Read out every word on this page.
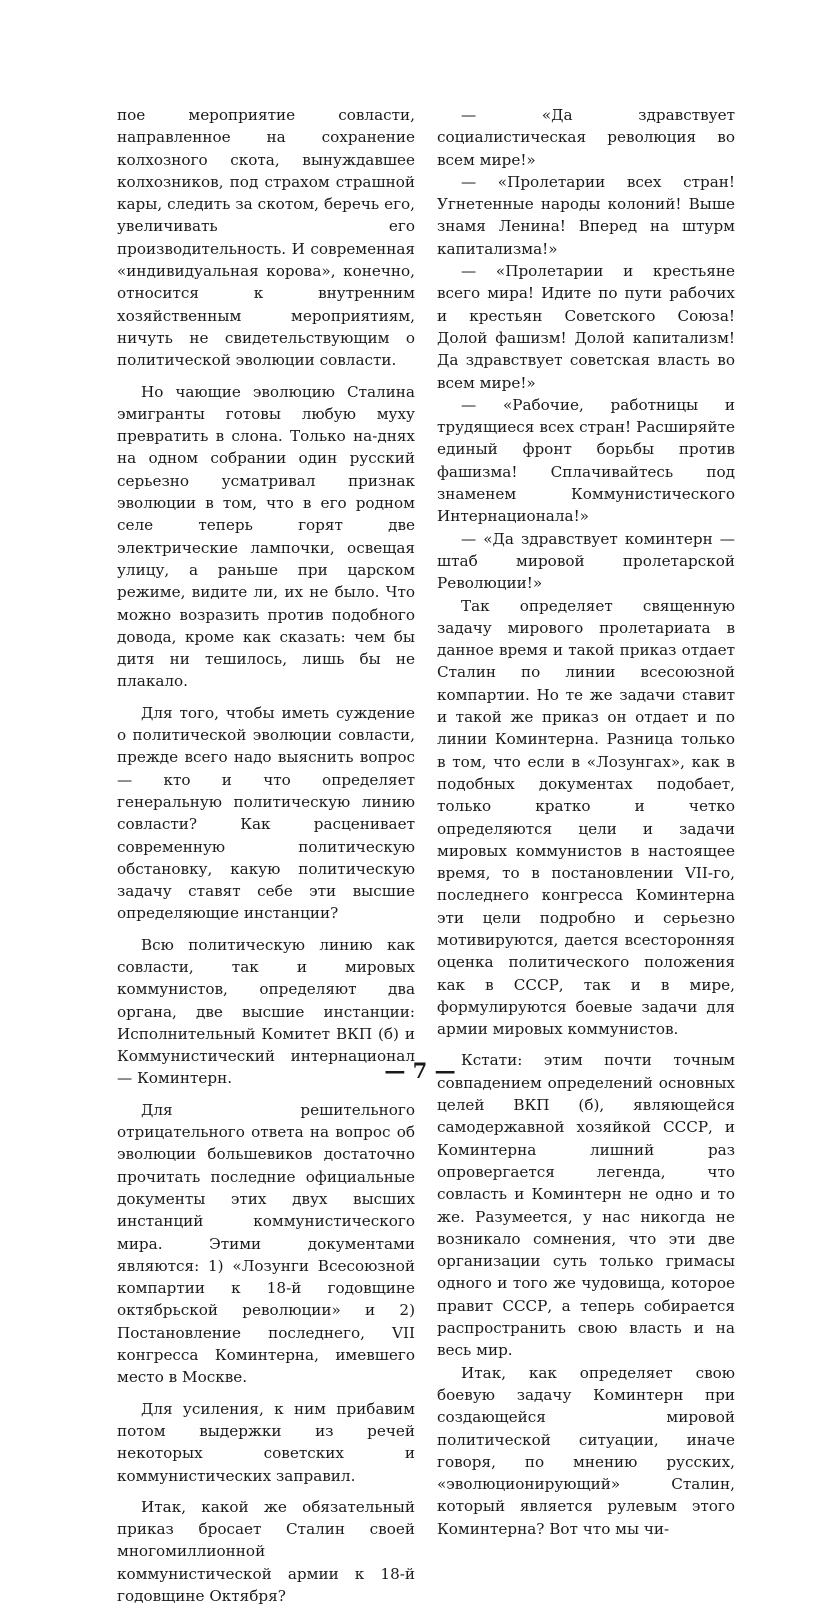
пое мероприятие совласти, направленное на сохранение колхозного скота, вынуждавшее колхозников, под страхом страшной кары, следить за скотом, беречь его, увеличивать его производительность. И современная «индивидуальная корова», конечно, относится к внутренним хозяйственным мероприятиям, ничуть не свидетельствующим о политической эволюции совласти.

Но чающие эволюцию Сталина эмигранты готовы любую муху превратить в слона. Только на-днях на одном собрании один русский серьезно усматривал признак эволюции в том, что в его родном селе теперь горят две электрические лампочки, освещая улицу, а раньше при царском режиме, видите ли, их не было. Что можно возразить против подобного довода, кроме как сказать: чем бы дитя ни тешилось, лишь бы не плакало.

Для того, чтобы иметь суждение о политической эволюции совласти, прежде всего надо выяснить вопрос — кто и что определяет генеральную политическую линию совласти? Как расценивает современную политическую обстановку, какую политическую задачу ставят себе эти высшие определяющие инстанции?

Всю политическую линию как совласти, так и мировых коммунистов, определяют два органа, две высшие инстанции: Исполнительный Комитет ВКП (б) и Коммунистический интернационал — Коминтерн.

Для решительного отрицательного ответа на вопрос об эволюции большевиков достаточно прочитать последние официальные документы этих двух высших инстанций коммунистического мира. Этими документами являются: 1) «Лозунги Всесоюзной компартии к 18-й годовщине октябрьской революции» и 2) Постановление последнего, VII конгресса Коминтерна, имевшего место в Москве.

Для усиления, к ним прибавим потом выдержки из речей некоторых советских и коммунистических заправил.

Итак, какой же обязательный приказ бросает Сталин своей многомиллионной коммунистической армии к 18-й годовщине Октября?

— «Да здравствует социалистическая революция во всем мире!»

— «Пролетарии всех стран! Угнетенные народы колоний! Выше знамя Ленина! Вперед на штурм капитализма!»

— «Пролетарии и крестьяне всего мира! Идите по пути рабочих и крестьян Советского Союза! Долой фашизм! Долой капитализм! Да здравствует советская власть во всем мире!»

— «Рабочие, работницы и трудящиеся всех стран! Расширяйте единый фронт борьбы против фашизма! Сплачивайтесь под знаменем Коммунистического Интернационала!»

— «Да здравствует коминтерн — штаб мировой пролетарской Революции!»

Так определяет священную задачу мирового пролетариата в данное время и такой приказ отдает Сталин по линии всесоюзной компартии. Но те же задачи ставит и такой же приказ он отдает и по линии Коминтерна. Разница только в том, что если в «Лозунгах», как в подобных документах подобает, только кратко и четко определяются цели и задачи мировых коммунистов в настоящее время, то в постановлении VII-го, последнего конгресса Коминтерна эти цели подробно и серьезно мотивируются, дается всесторонняя оценка политического положения как в СССР, так и в мире, формулируются боевые задачи для армии мировых коммунистов.

Кстати: этим почти точным совпадением определений основных целей ВКП (б), являющейся самодержавной хозяйкой СССР, и Коминтерна лишний раз опровергается легенда, что совласть и Коминтерн не одно и то же. Разумеется, у нас никогда не возникало сомнения, что эти две организации суть только гримасы одного и того же чудовища, которое правит СССР, а теперь собирается распространить свою власть и на весь мир.

Итак, как определяет свою боевую задачу Коминтерн при создающейся мировой политической ситуации, иначе говоря, по мнению русских, «эволюционирующий» Сталин, который является рулевым этого Коминтерна? Вот что мы чи-

— 7 —
